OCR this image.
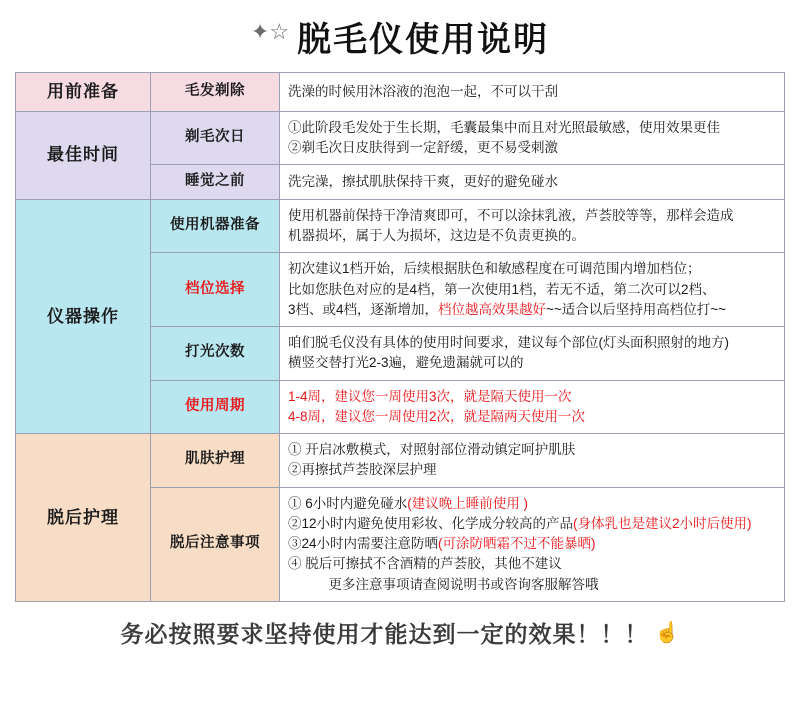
✦☆ 脱毛仪使用说明
用前准备	毛发剃除	洗澡的时候用沐浴液的泡泡一起，不可以干刮

最佳时间	剃毛次日	①此阶段毛发处于生长期，毛囊最集中而且对光照最敏感，使用效果更佳
②剃毛次日皮肤得到一定舒缓，更不易受刺激

	睡觉之前	洗完澡，擦拭肌肤保持干爽，更好的避免碰水

仪器操作	使用机器准备	使用机器前保持干净清爽即可，不可以涂抹乳液，芦荟胶等等，那样会造成
机器损坏，属于人为损坏，这边是不负责更换的。

	档位选择	初次建议1档开始，后续根据肤色和敏感程度在可调范围内增加档位；
比如您肤色对应的是4档，第一次使用1档，若无不适，第二次可以2档、
3档、或4档，逐渐增加，档位越高效果越好~~适合以后坚持用高档位打~~

	打光次数	咱们脱毛仪没有具体的使用时间要求，建议每个部位(灯头面积照射的地方)
横竖交替打光2-3遍，避免遗漏就可以的

	使用周期	1-4周，建议您一周使用3次，就是隔天使用一次
4-8周，建议您一周使用2次，就是隔两天使用一次

脱后护理	肌肤护理	① 开启冰敷模式，对照射部位滑动镇定呵护肌肤
②再擦拭芦荟胶深层护理

	脱后注意事项	① 6小时内避免碰水(建议晚上睡前使用 )
②12小时内避免使用彩妆、化学成分较高的产品(身体乳也是建议2小时后使用)
③24小时内需要注意防晒(可涂防晒霜不过不能暴晒)
④ 脱后可擦拭不含酒精的芦荟胶，其他不建议
　　　更多注意事项请查阅说明书或咨询客服解答哦
务必按照要求坚持使用才能达到一定的效果！！！ ☝
